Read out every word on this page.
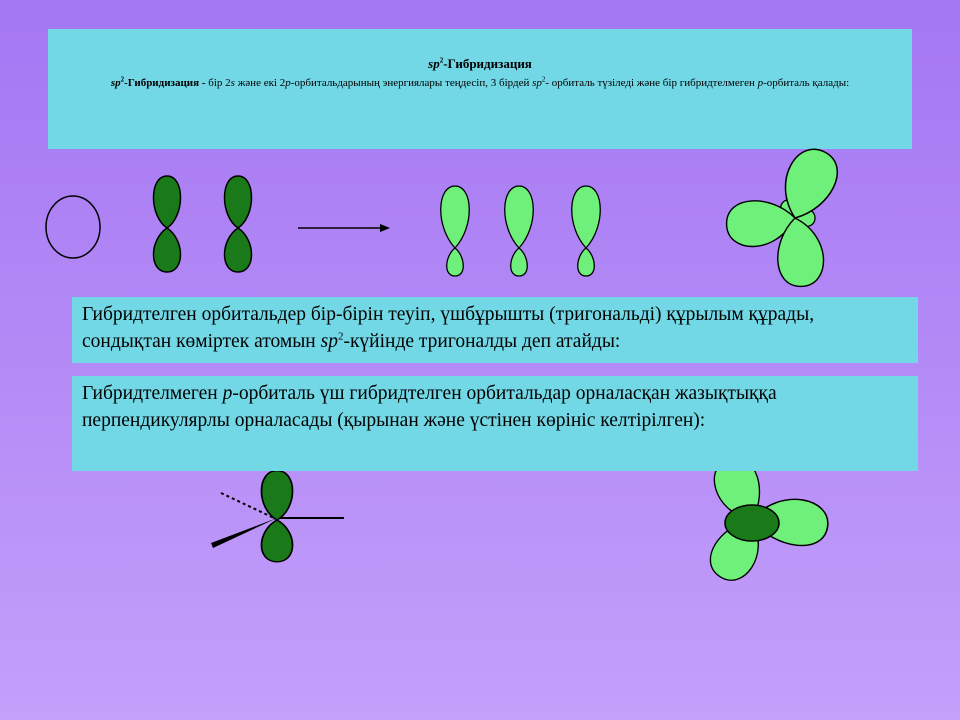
$sp^2$-Гибридизация
$sp^2$-Гибридизация - бір 2s және екі 2p-орбитальдарының энергиялары теңдесіп, 3 бірдей $sp^2-$ орбиталь түзіледі және бір гибридтелмеген p-орбиталь қалады:
Гибридтелген орбитальдер бір-бірін теуіп, үшбұрышты (тригональді) құрылым құрады, сондықтан көміртек атомын $sp^2$-күйінде тригоналды деп атайды:
Гибридтелмеген p-орбиталь үш гибридтелген орбитальдар орналасқан жазықтыққа перпендикулярлы орналасады (қырынан және үстінен көрініс келтірілген):
